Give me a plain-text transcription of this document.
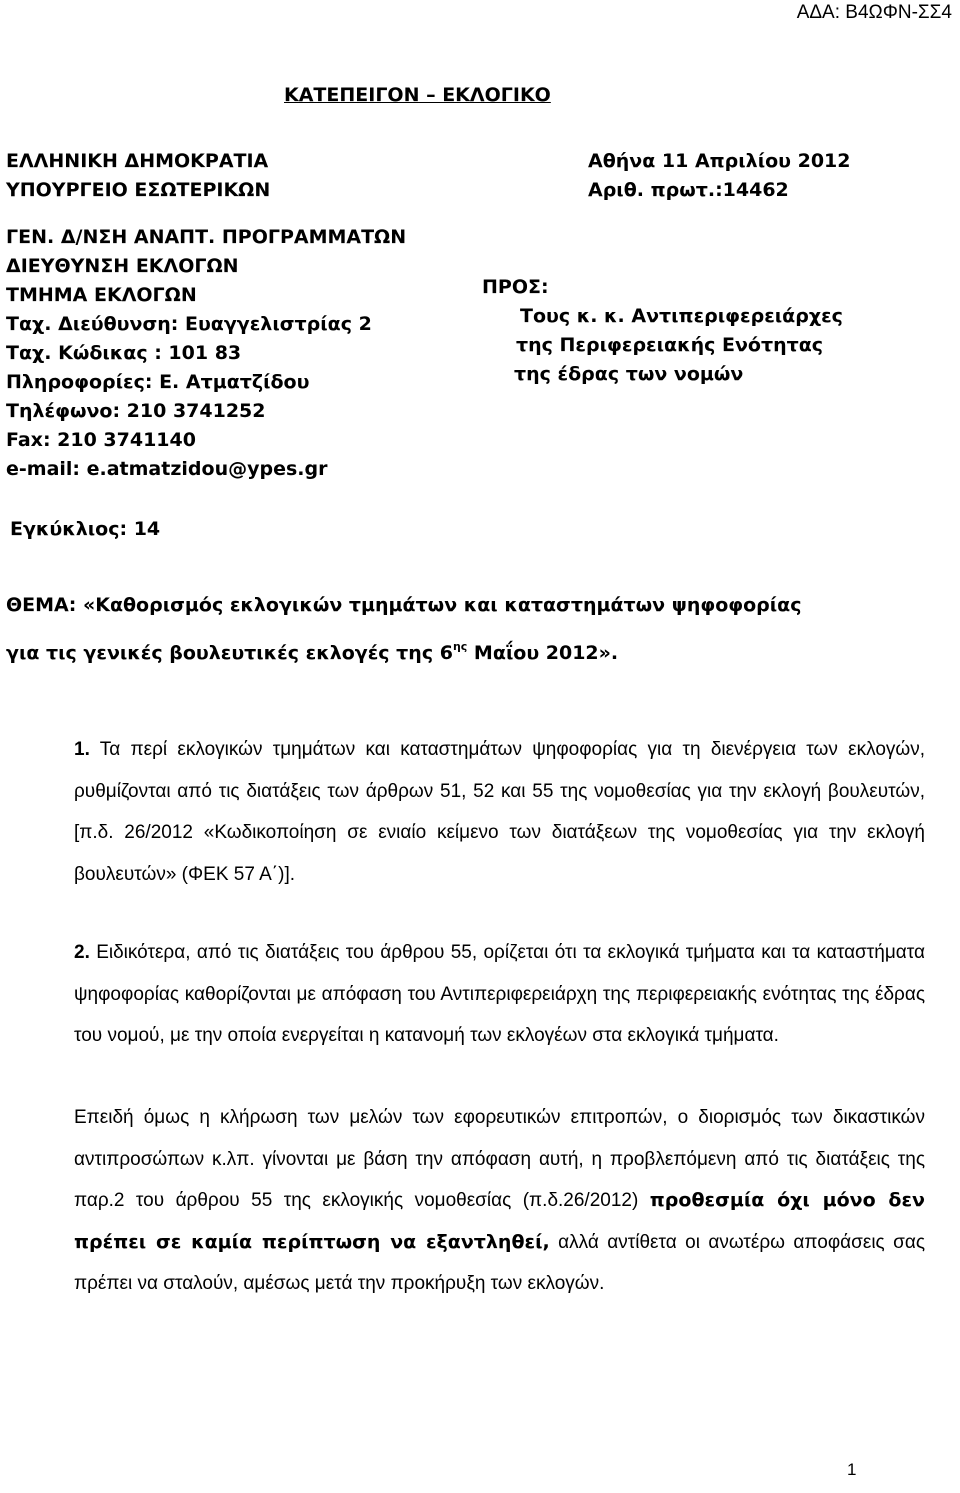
ΑΔΑ: Β4ΩΦΝ-ΣΣ4
ΚΑΤΕΠΕΙΓΟΝ – ΕΚΛΟΓΙΚΟ
ΕΛΛΗΝΙΚΗ ΔΗΜΟΚΡΑΤΙΑ
ΥΠΟΥΡΓΕΙΟ ΕΣΩΤΕΡΙΚΩΝ
Αθήνα 11 Απριλίου 2012
Αριθ. πρωτ.:14462
ΓΕΝ. Δ/ΝΣΗ ΑΝΑΠΤ. ΠΡΟΓΡΑΜΜΑΤΩΝ
ΔΙΕΥΘΥΝΣΗ ΕΚΛΟΓΩΝ
ΤΜΗΜΑ ΕΚΛΟΓΩΝ
Ταχ. Διεύθυνση: Ευαγγελιστρίας 2
Ταχ. Κώδικας : 101 83
Πληροφορίες: Ε. Ατματζίδου
Τηλέφωνο: 210 3741252
Fax: 210 3741140
e-mail: e.atmatzidou@ypes.gr
ΠΡΟΣ:
Τους κ. κ. Αντιπεριφερειάρχες
της Περιφερειακής Ενότητας
της έδρας των νομών
Εγκύκλιος: 14
ΘΕΜΑ: «Καθορισμός εκλογικών τμημάτων και καταστημάτων ψηφοφορίας
για τις γενικές βουλευτικές εκλογές της $6^{\eta\varsigma}$ Μαΐου 2012».
1. Τα περί εκλογικών τμημάτων και καταστημάτων ψηφοφορίας για τη διενέργεια των εκλογών, ρυθμίζονται από τις διατάξεις των άρθρων 51, 52 και 55 της νομοθεσίας για την εκλογή βουλευτών,[π.δ. 26/2012 «Κωδικοποίηση σε ενιαίο κείμενο των διατάξεων της νομοθεσίας για την εκλογή βουλευτών» (ΦΕΚ 57 Α΄)].
2. Ειδικότερα, από τις διατάξεις του άρθρου 55, ορίζεται ότι τα εκλογικά τμήματα και τα καταστήματα ψηφοφορίας καθορίζονται με απόφαση του Αντιπεριφερειάρχη της περιφερειακής ενότητας της έδρας του νομού, με την οποία ενεργείται η κατανομή των εκλογέων στα εκλογικά τμήματα.
Επειδή όμως η κλήρωση των μελών των εφορευτικών επιτροπών, ο διορισμός των δικαστικών αντιπροσώπων κ.λπ. γίνονται με βάση την απόφαση αυτή, η προβλεπόμενη από τις διατάξεις της παρ.2 του άρθρου 55 της εκλογικής νομοθεσίας (π.δ.26/2012) προθεσμία όχι μόνο δεν πρέπει σε καμία περίπτωση να εξαντληθεί, αλλά αντίθετα οι ανωτέρω αποφάσεις σας πρέπει να σταλούν, αμέσως μετά την προκήρυξη των εκλογών.
1
